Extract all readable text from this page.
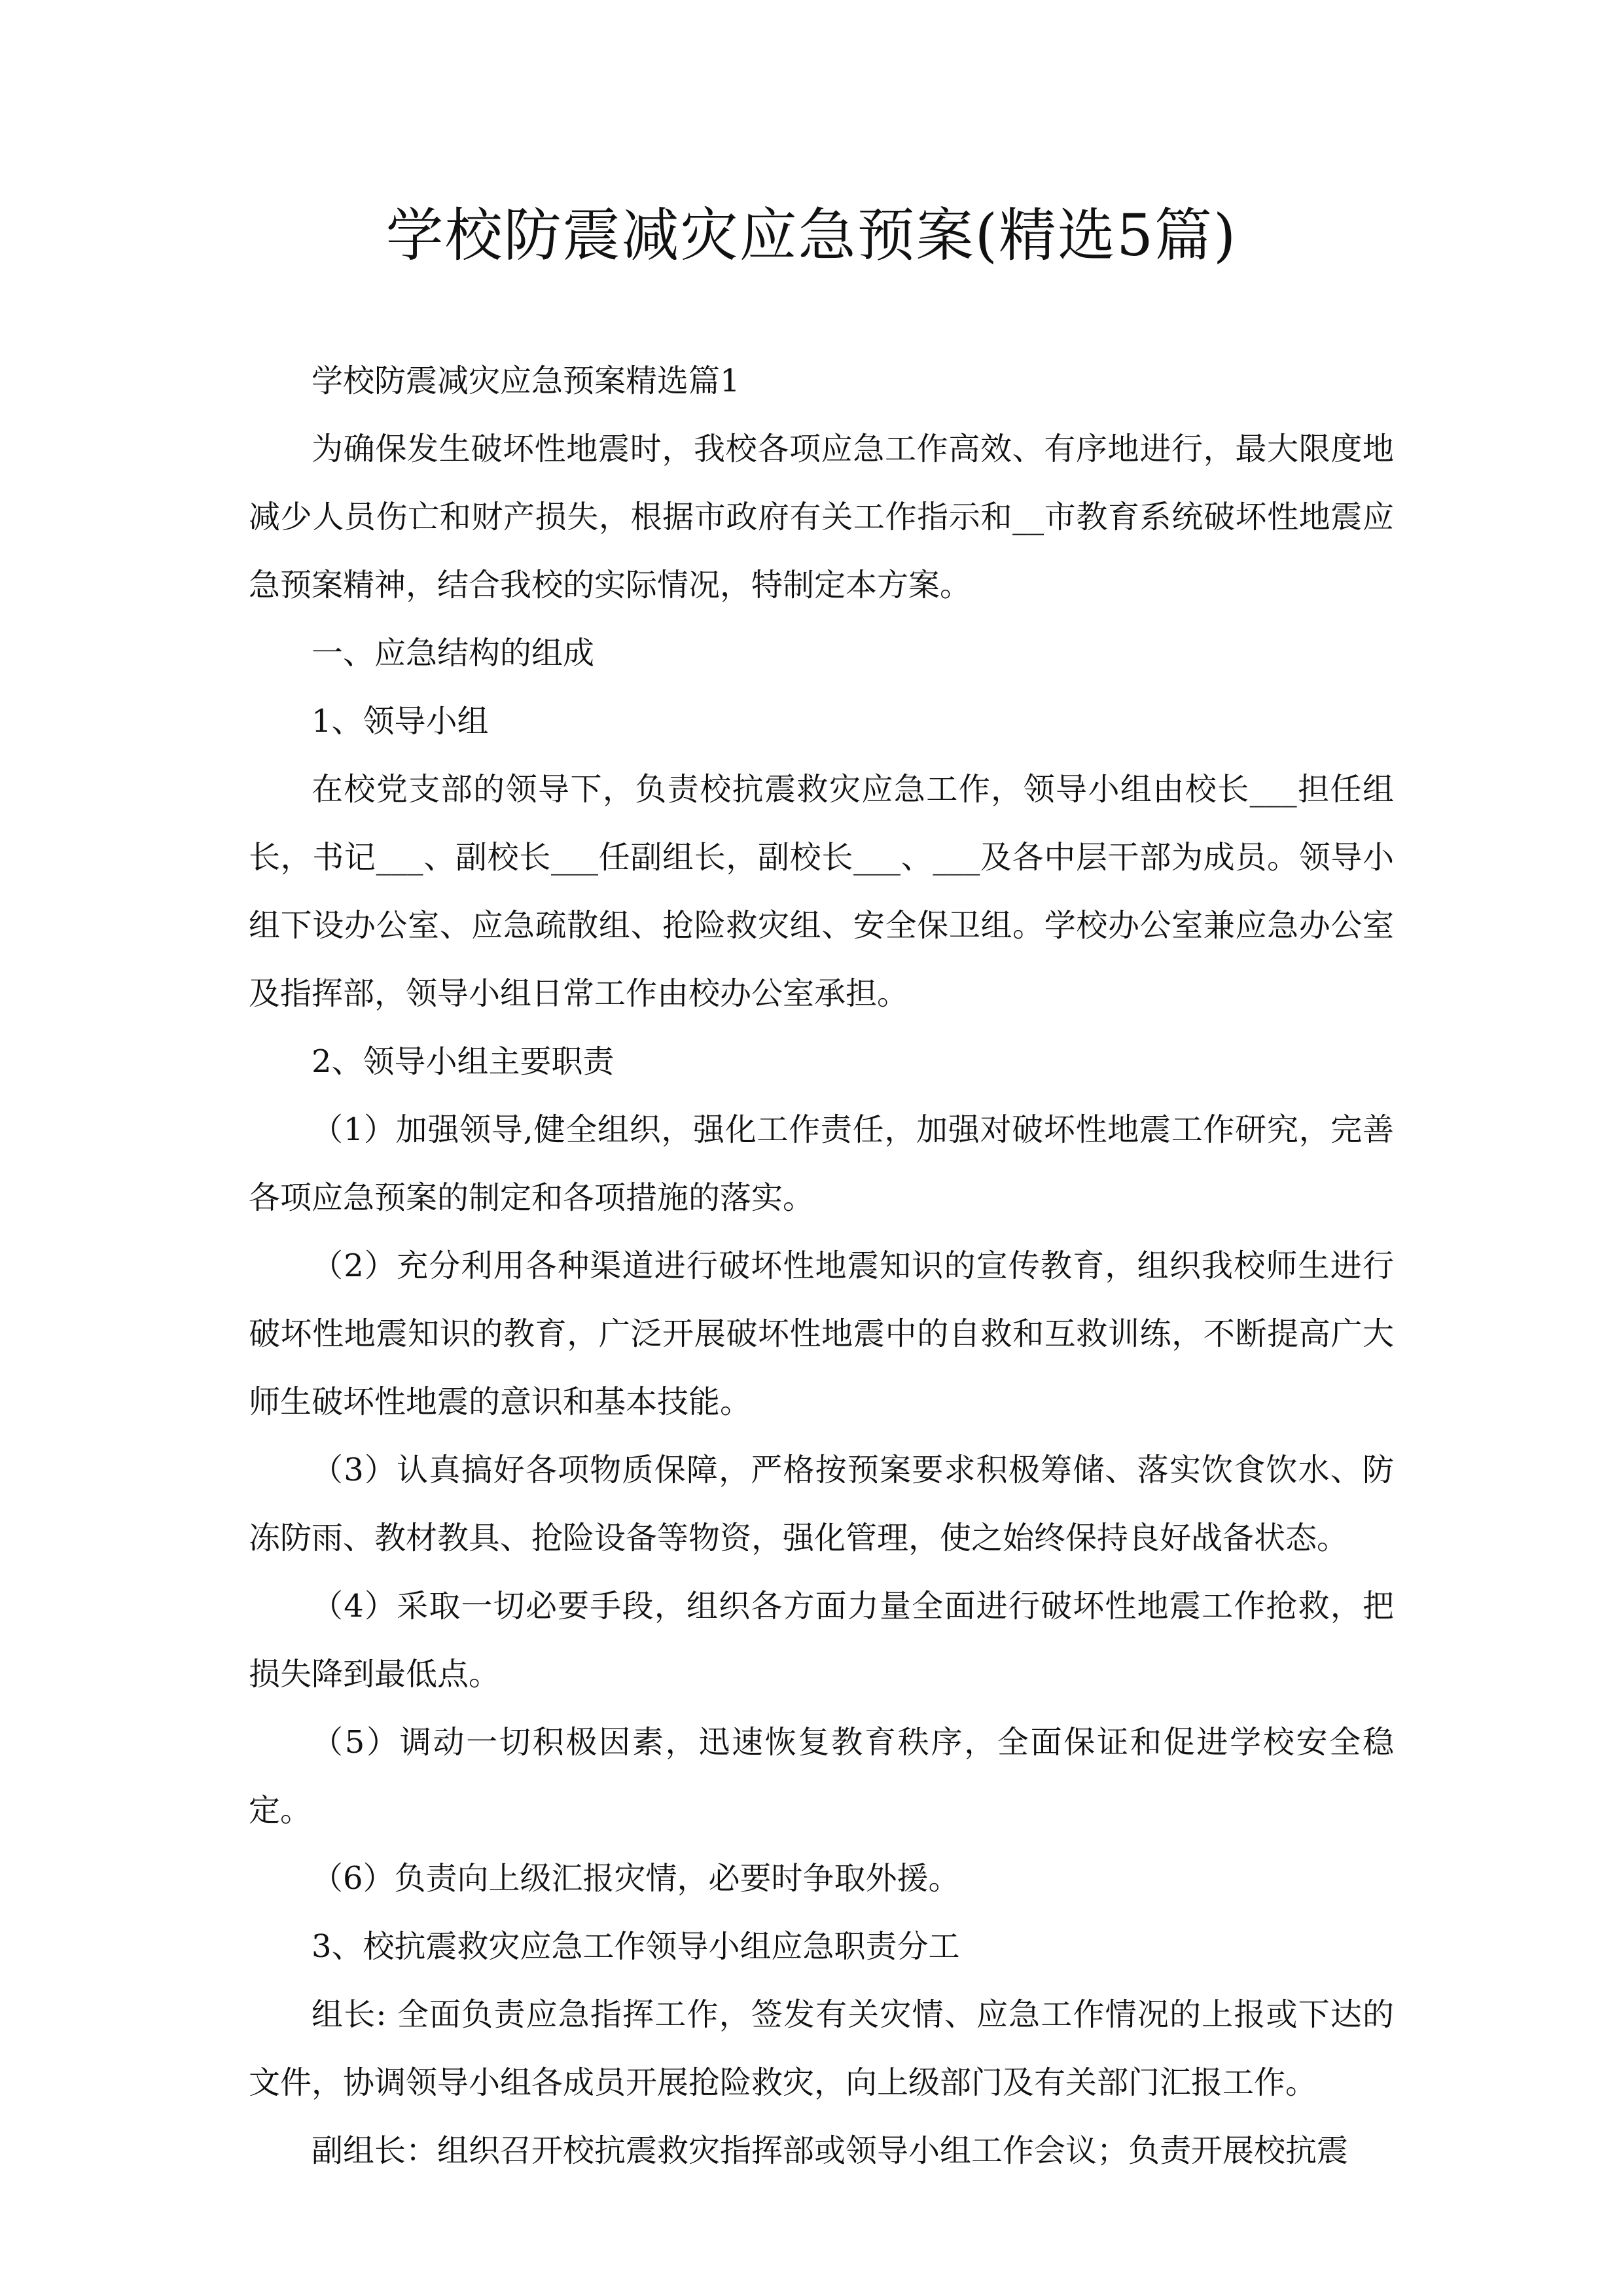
学校防震减灾应急预案(精选5篇)

学校防震减灾应急预案精选篇1

为确保发生破坏性地震时，我校各项应急工作高效、有序地进行，最大限度地减少人员伤亡和财产损失，根据市政府有关工作指示和__市教育系统破坏性地震应急预案精神，结合我校的实际情况，特制定本方案。

一、应急结构的组成

1、领导小组

在校党支部的领导下，负责校抗震救灾应急工作，领导小组由校长___担任组长，书记___、副校长___任副组长，副校长___、___及各中层干部为成员。领导小组下设办公室、应急疏散组、抢险救灾组、安全保卫组。学校办公室兼应急办公室及指挥部，领导小组日常工作由校办公室承担。

2、领导小组主要职责

（1）加强领导,健全组织，强化工作责任，加强对破坏性地震工作研究，完善各项应急预案的制定和各项措施的落实。

（2）充分利用各种渠道进行破坏性地震知识的宣传教育，组织我校师生进行破坏性地震知识的教育，广泛开展破坏性地震中的自救和互救训练，不断提高广大师生破坏性地震的意识和基本技能。

（3）认真搞好各项物质保障，严格按预案要求积极筹储、落实饮食饮水、防冻防雨、教材教具、抢险设备等物资，强化管理，使之始终保持良好战备状态。

（4）采取一切必要手段，组织各方面力量全面进行破坏性地震工作抢救，把损失降到最低点。

（5）调动一切积极因素，迅速恢复教育秩序，全面保证和促进学校安全稳定。

（6）负责向上级汇报灾情，必要时争取外援。

3、校抗震救灾应急工作领导小组应急职责分工

组长: 全面负责应急指挥工作，签发有关灾情、应急工作情况的上报或下达的文件，协调领导小组各成员开展抢险救灾，向上级部门及有关部门汇报工作。

副组长：组织召开校抗震救灾指挥部或领导小组工作会议；负责开展校抗震
